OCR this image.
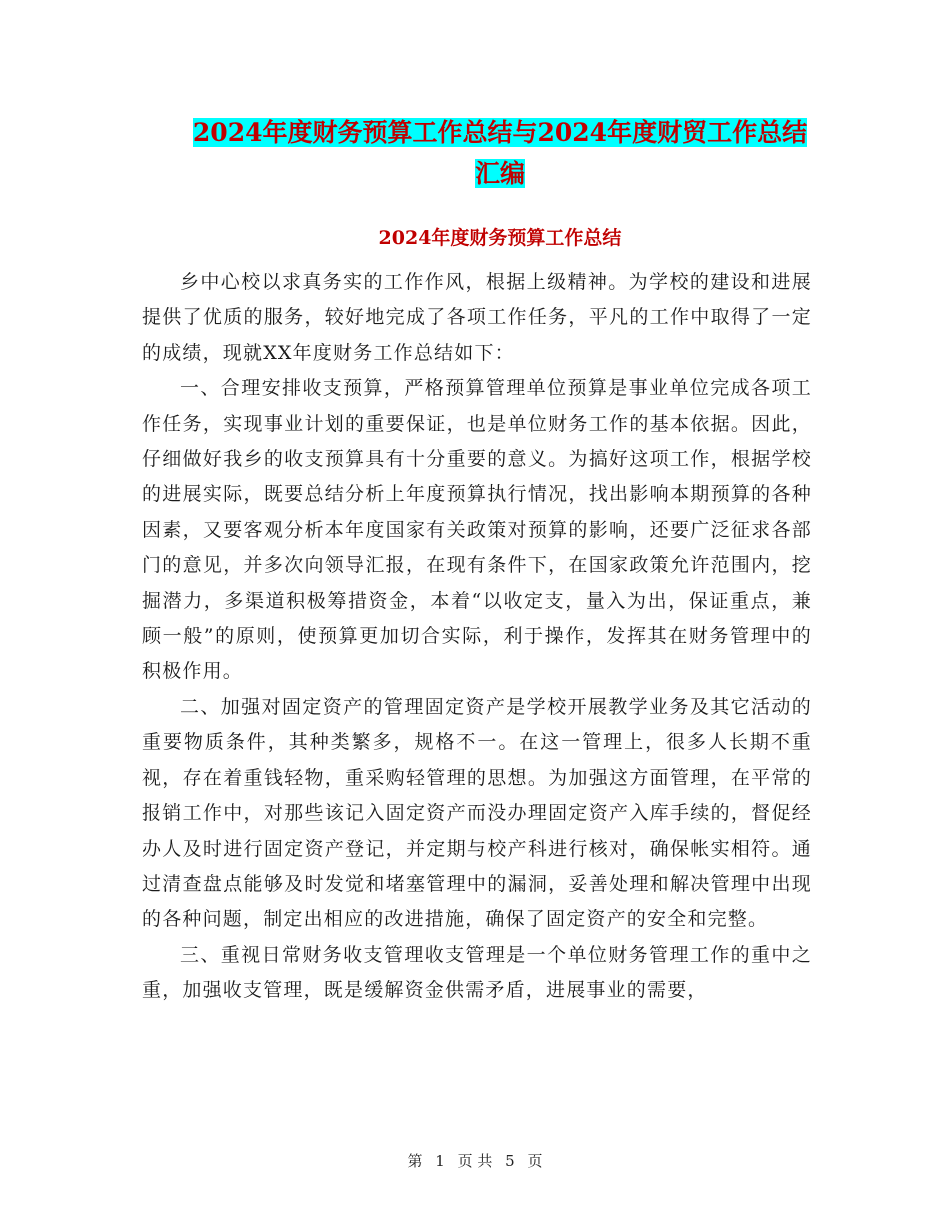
2024年度财务预算工作总结与2024年度财贸工作总结
汇编
2024年度财务预算工作总结

乡中心校以求真务实的工作作风，根据上级精神。为学校的建设和进展提供了优质的服务，较好地完成了各项工作任务，平凡的工作中取得了一定的成绩，现就XX年度财务工作总结如下：

一、合理安排收支预算，严格预算管理单位预算是事业单位完成各项工作任务，实现事业计划的重要保证，也是单位财务工作的基本依据。因此，仔细做好我乡的收支预算具有十分重要的意义。为搞好这项工作，根据学校的进展实际，既要总结分析上年度预算执行情况，找出影响本期预算的各种因素，又要客观分析本年度国家有关政策对预算的影响，还要广泛征求各部门的意见，并多次向领导汇报，在现有条件下，在国家政策允许范围内，挖掘潜力，多渠道积极筹措资金，本着“以收定支，量入为出，保证重点，兼顾一般”的原则，使预算更加切合实际，利于操作，发挥其在财务管理中的积极作用。

二、加强对固定资产的管理固定资产是学校开展教学业务及其它活动的重要物质条件，其种类繁多，规格不一。在这一管理上，很多人长期不重视，存在着重钱轻物，重采购轻管理的思想。为加强这方面管理，在平常的报销工作中，对那些该记入固定资产而没办理固定资产入库手续的，督促经办人及时进行固定资产登记，并定期与校产科进行核对，确保帐实相符。通过清查盘点能够及时发觉和堵塞管理中的漏洞，妥善处理和解决管理中出现的各种问题，制定出相应的改进措施，确保了固定资产的安全和完整。

三、重视日常财务收支管理收支管理是一个单位财务管理工作的重中之重，加强收支管理，既是缓解资金供需矛盾，进展事业的需要，

第 1 页 共 5 页
